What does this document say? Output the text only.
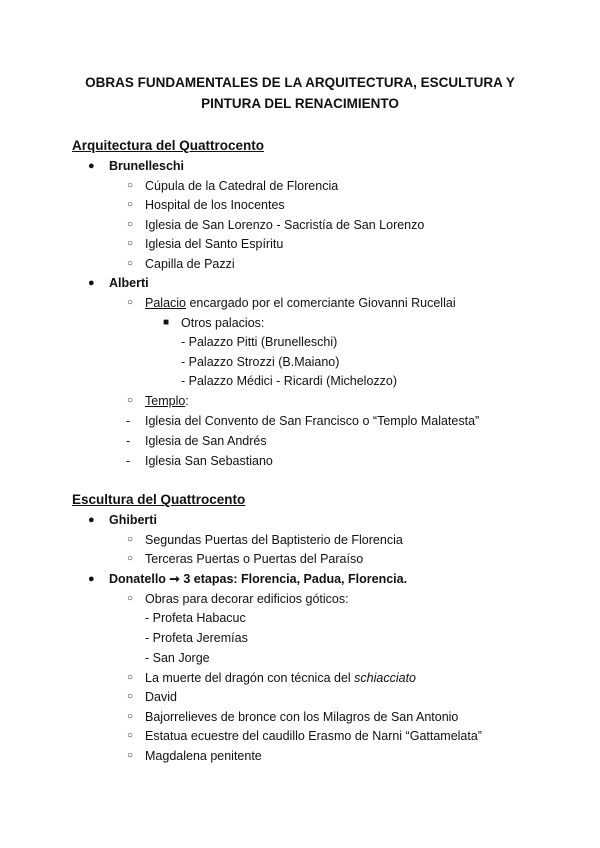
OBRAS FUNDAMENTALES DE LA ARQUITECTURA, ESCULTURA Y
PINTURA DEL RENACIMIENTO
Arquitectura del Quattrocento
● Brunelleschi
○ Cúpula de la Catedral de Florencia
○ Hospital de los Inocentes
○ Iglesia de San Lorenzo - Sacristía de San Lorenzo
○ Iglesia del Santo Espíritu
○ Capilla de Pazzi
● Alberti
○ Palacio encargado por el comerciante Giovanni Rucellai
■ Otros palacios:
- Palazzo Pitti (Brunelleschi)
- Palazzo Strozzi (B.Maiano)
- Palazzo Médici - Ricardi (Michelozzo)
○ Templo:
- Iglesia del Convento de San Francisco o “Templo Malatesta”
- Iglesia de San Andrés
- Iglesia San Sebastiano
Escultura del Quattrocento
● Ghiberti
○ Segundas Puertas del Baptisterio de Florencia
○ Terceras Puertas o Puertas del Paraíso
● Donatello ➞ 3 etapas: Florencia, Padua, Florencia.
○ Obras para decorar edificios góticos:
- Profeta Habacuc
- Profeta Jeremías
- San Jorge
○ La muerte del dragón con técnica del schiacciato
○ David
○ Bajorrelieves de bronce con los Milagros de San Antonio
○ Estatua ecuestre del caudillo Erasmo de Narni “Gattamelata”
○ Magdalena penitente
